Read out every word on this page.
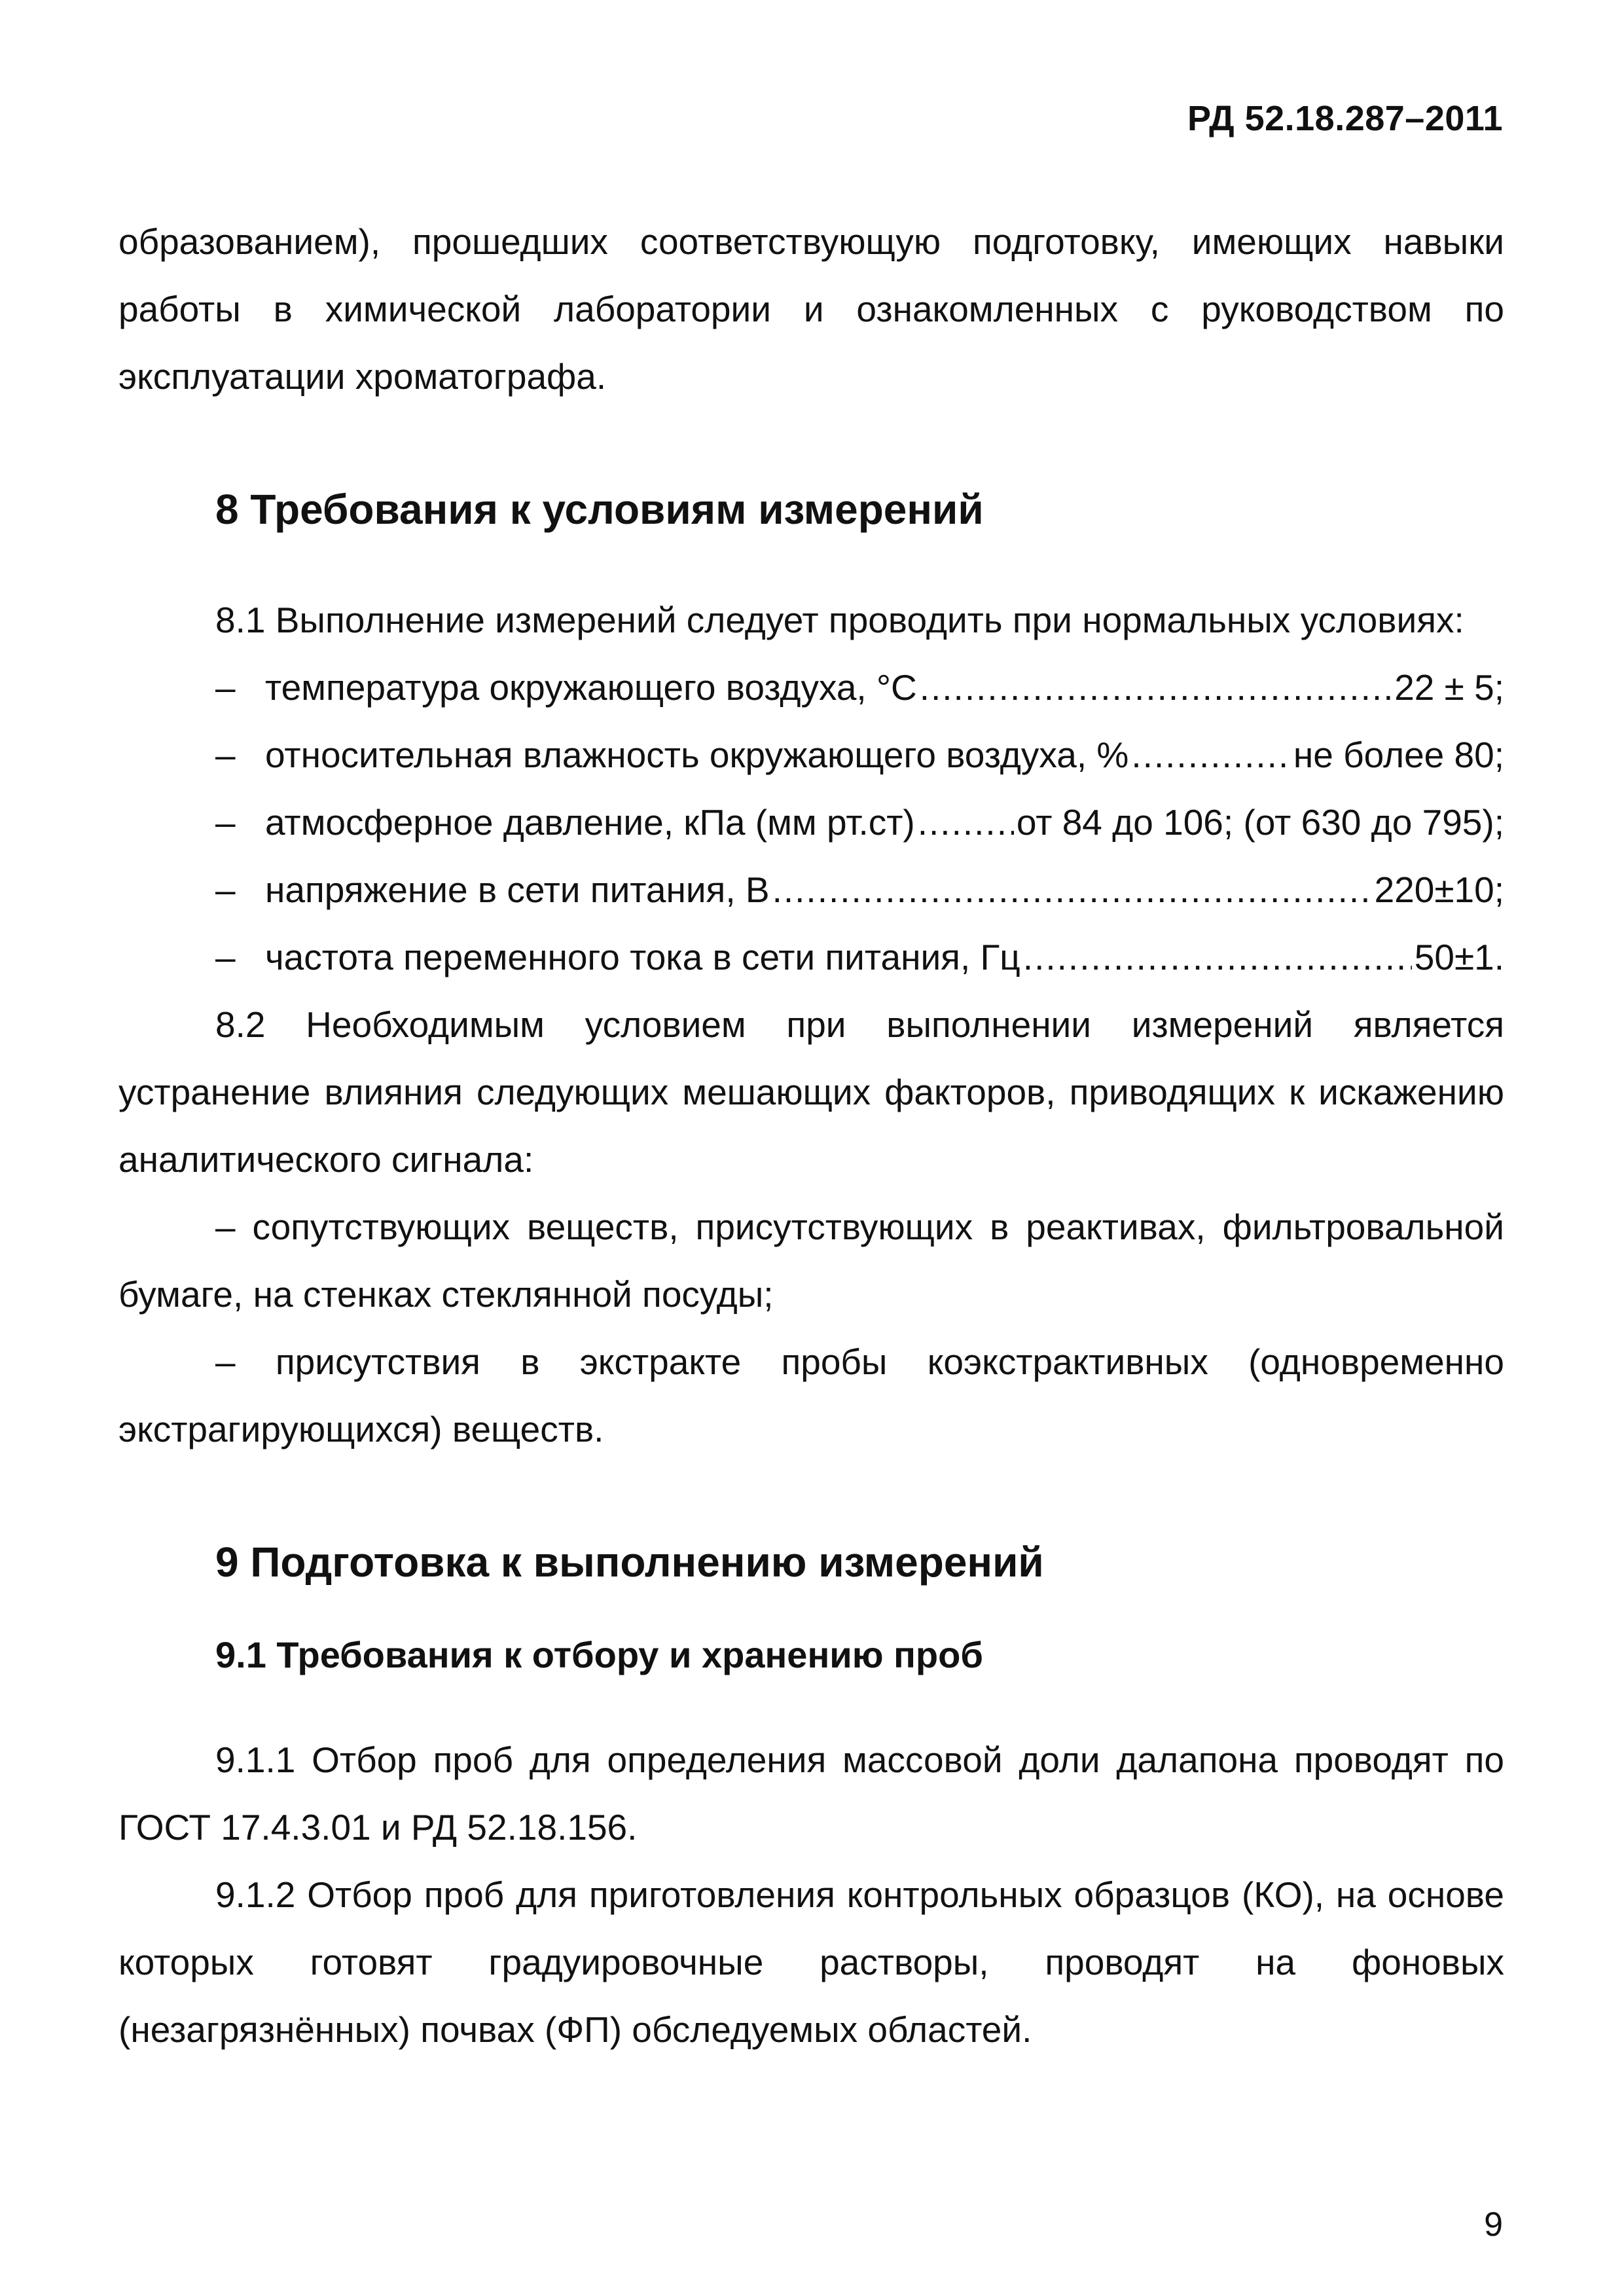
РД 52.18.287–2011

образованием), прошедших соответствующую подготовку, имеющих навыки работы в химической лаборатории и ознакомленных с руководством по эксплуатации хроматографа.

8 Требования к условиям измерений

8.1 Выполнение измерений следует проводить при нормальных условиях:

– температура окружающего воздуха, °С .....	22 ± 5;
– относительная влажность окружающего воздуха, % .....	не более 80;
– атмосферное давление, кПа (мм рт.ст) .....	от 84 до 106; (от 630 до 795);
– напряжение в сети питания, В .....	220±10;
– частота переменного тока в сети питания, Гц .....	50±1.

8.2 Необходимым условием при выполнении измерений является устранение влияния следующих мешающих факторов, приводящих к искажению аналитического сигнала:

– сопутствующих веществ, присутствующих в реактивах, фильтровальной бумаге, на стенках стеклянной посуды;

– присутствия в экстракте пробы коэкстрактивных (одновременно экстрагирующихся) веществ.

9 Подготовка к выполнению измерений
9.1 Требования к отбору и хранению проб

9.1.1 Отбор проб для определения массовой доли далапона проводят по ГОСТ 17.4.3.01 и РД 52.18.156.

9.1.2 Отбор проб для приготовления контрольных образцов (КО), на основе которых готовят градуировочные растворы, проводят на фоновых (незагрязнённых) почвах (ФП) обследуемых областей.

9
